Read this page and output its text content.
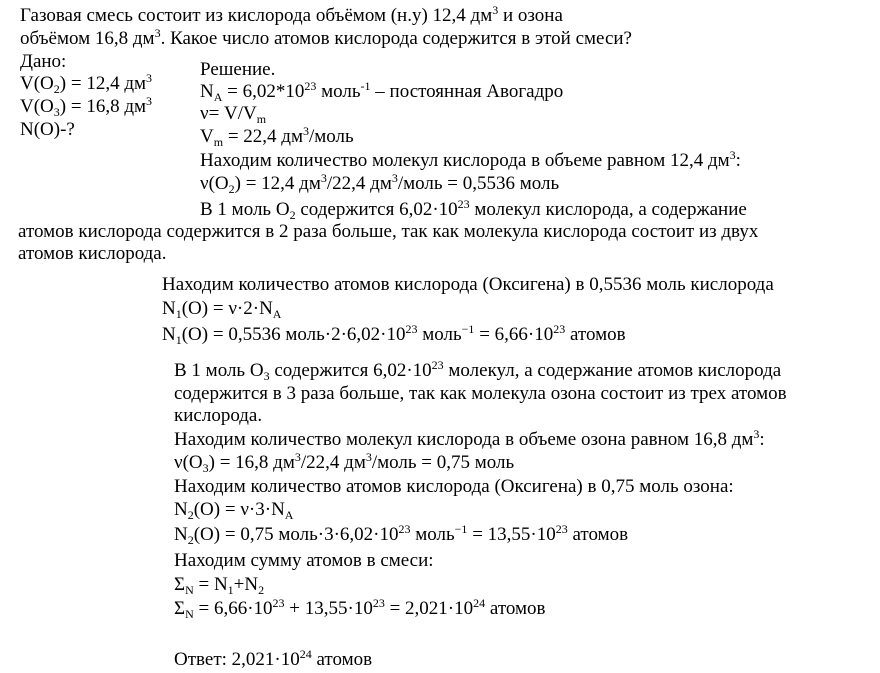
Газовая смесь состоит из кислорода объёмом (н.у) 12,4 $дм^3$ и озона
объёмом 16,8 $дм^3$. Какое число атомов кислорода содержится в этой смеси?
Дано:
$V(O_2) = 12,4$ $дм^3$
$V(O_3) = 16,8$ $дм^3$
N(O)-?
Решение.
$N_A = 6,02*10^{23}$ моль$^{-1}$ – постоянная Авогадро
$\nu= V/V_m$
$V_m = 22,4$ $дм^3$/моль
Находим количество молекул кислорода в объеме равном 12,4 $дм^3$:
$\nu(O_2) = 12,4$ $дм^3/22,4$ $дм^3$/моль = 0,5536 моль
В 1 моль $O_2$ содержится $6,02\cdot 10^{23}$ молекул кислорода, а содержание
атомов кислорода содержится в 2 раза больше, так как молекула кислорода состоит из двух
атомов кислорода.
Находим количество атомов кислорода (Оксигена) в 0,5536 моль кислорода
$N_1(O) = \nu\cdot 2\cdot N_A$
$N_1(O) = 0,5536$ $моль\cdot 2\cdot 6,02\cdot 10^{23}$ моль$^{-1}$ = $6,66\cdot 10^{23}$ атомов
В 1 моль $O_3$ содержится $6,02\cdot 10^{23}$ молекул, а содержание атомов кислорода
содержится в 3 раза больше, так как молекула озона состоит из трех атомов
кислорода.
Находим количество молекул кислорода в объеме озона равном 16,8 $дм^3$:
$\nu(O_3) = 16,8$ $дм^3/22,4$ $дм^3$/моль = 0,75 моль
Находим количество атомов кислорода (Оксигена) в 0,75 моль озона:
$N_2(O) = \nu\cdot 3\cdot N_A$
$N_2(O) = 0,75$ $моль\cdot 3\cdot 6,02\cdot 10^{23}$ моль$^{-1}$ = $13,55\cdot 10^{23}$ атомов
Находим сумму атомов в смеси:
$\Sigma_N = N_1+N_2$
$\Sigma_N = 6,66\cdot 10^{23} + 13,55\cdot 10^{23} = 2,021\cdot 10^{24}$ атомов
Ответ: $2,021\cdot 10^{24}$ атомов
